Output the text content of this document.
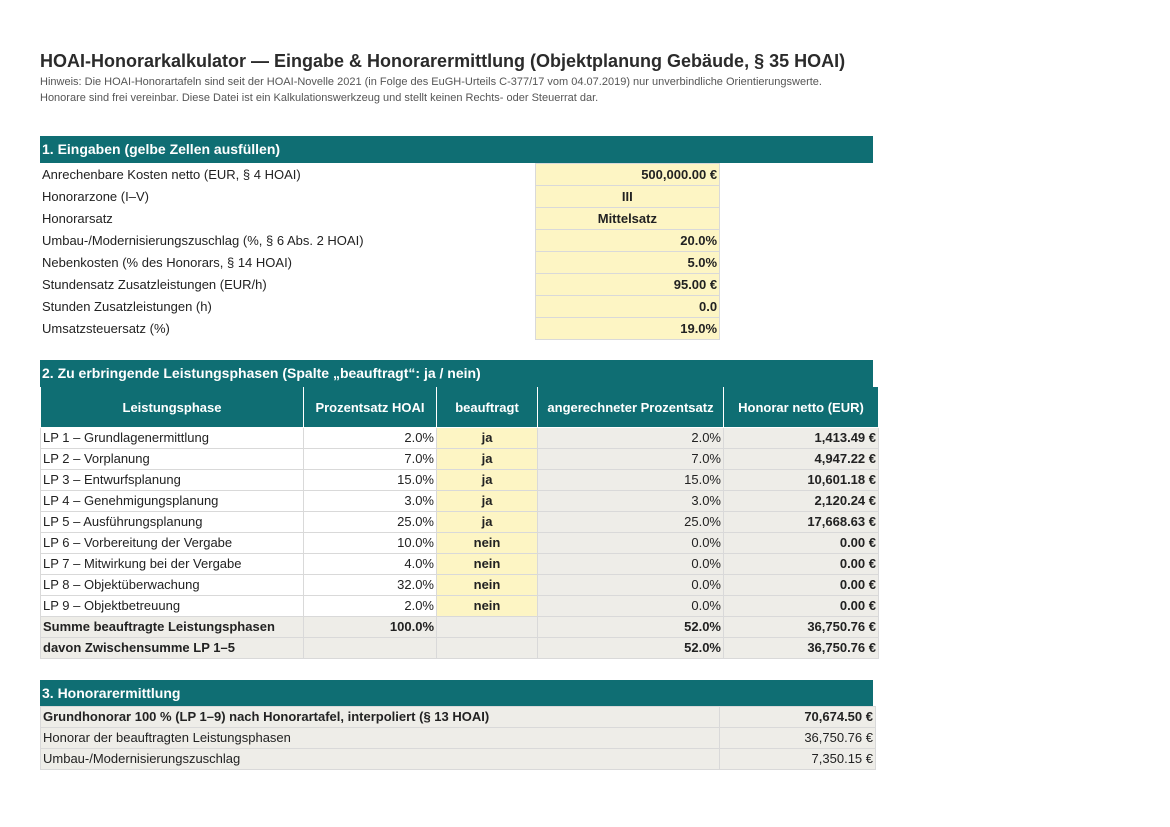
HOAI-Honorarkalkulator — Eingabe & Honorarermittlung (Objektplanung Gebäude, § 35 HOAI)
Hinweis: Die HOAI-Honorartafeln sind seit der HOAI-Novelle 2021 (in Folge des EuGH-Urteils C-377/17 vom 04.07.2019) nur unverbindliche Orientierungswerte.
Honorare sind frei vereinbar. Diese Datei ist ein Kalkulationswerkzeug und stellt keinen Rechts- oder Steuerrat dar.
1. Eingaben (gelbe Zellen ausfüllen)
Anrechenbare Kosten netto (EUR, § 4 HOAI)	500,000.00 €	
Honorarzone (I–V)	III	
Honorarsatz	Mittelsatz	
Umbau-/Modernisierungszuschlag (%, § 6 Abs. 2 HOAI)	20.0%	
Nebenkosten (% des Honorars, § 14 HOAI)	5.0%	
Stundensatz Zusatzleistungen (EUR/h)	95.00 €	
Stunden Zusatzleistungen (h)	0.0	
Umsatzsteuersatz (%)	19.0%	
2. Zu erbringende Leistungsphasen (Spalte „beauftragt“: ja / nein)
Leistungsphase	Prozentsatz HOAI	beauftragt	angerechneter Prozentsatz	Honorar netto (EUR)
LP 1 – Grundlagenermittlung	2.0%	ja	2.0%	1,413.49 €
LP 2 – Vorplanung	7.0%	ja	7.0%	4,947.22 €
LP 3 – Entwurfsplanung	15.0%	ja	15.0%	10,601.18 €
LP 4 – Genehmigungsplanung	3.0%	ja	3.0%	2,120.24 €
LP 5 – Ausführungsplanung	25.0%	ja	25.0%	17,668.63 €
LP 6 – Vorbereitung der Vergabe	10.0%	nein	0.0%	0.00 €
LP 7 – Mitwirkung bei der Vergabe	4.0%	nein	0.0%	0.00 €
LP 8 – Objektüberwachung	32.0%	nein	0.0%	0.00 €
LP 9 – Objektbetreuung	2.0%	nein	0.0%	0.00 €
Summe beauftragte Leistungsphasen	100.0%		52.0%	36,750.76 €
davon Zwischensumme LP 1–5			52.0%	36,750.76 €
3. Honorarermittlung
Grundhonorar 100 % (LP 1–9) nach Honorartafel, interpoliert (§ 13 HOAI)	70,674.50 €
Honorar der beauftragten Leistungsphasen	36,750.76 €
Umbau-/Modernisierungszuschlag	7,350.15 €
